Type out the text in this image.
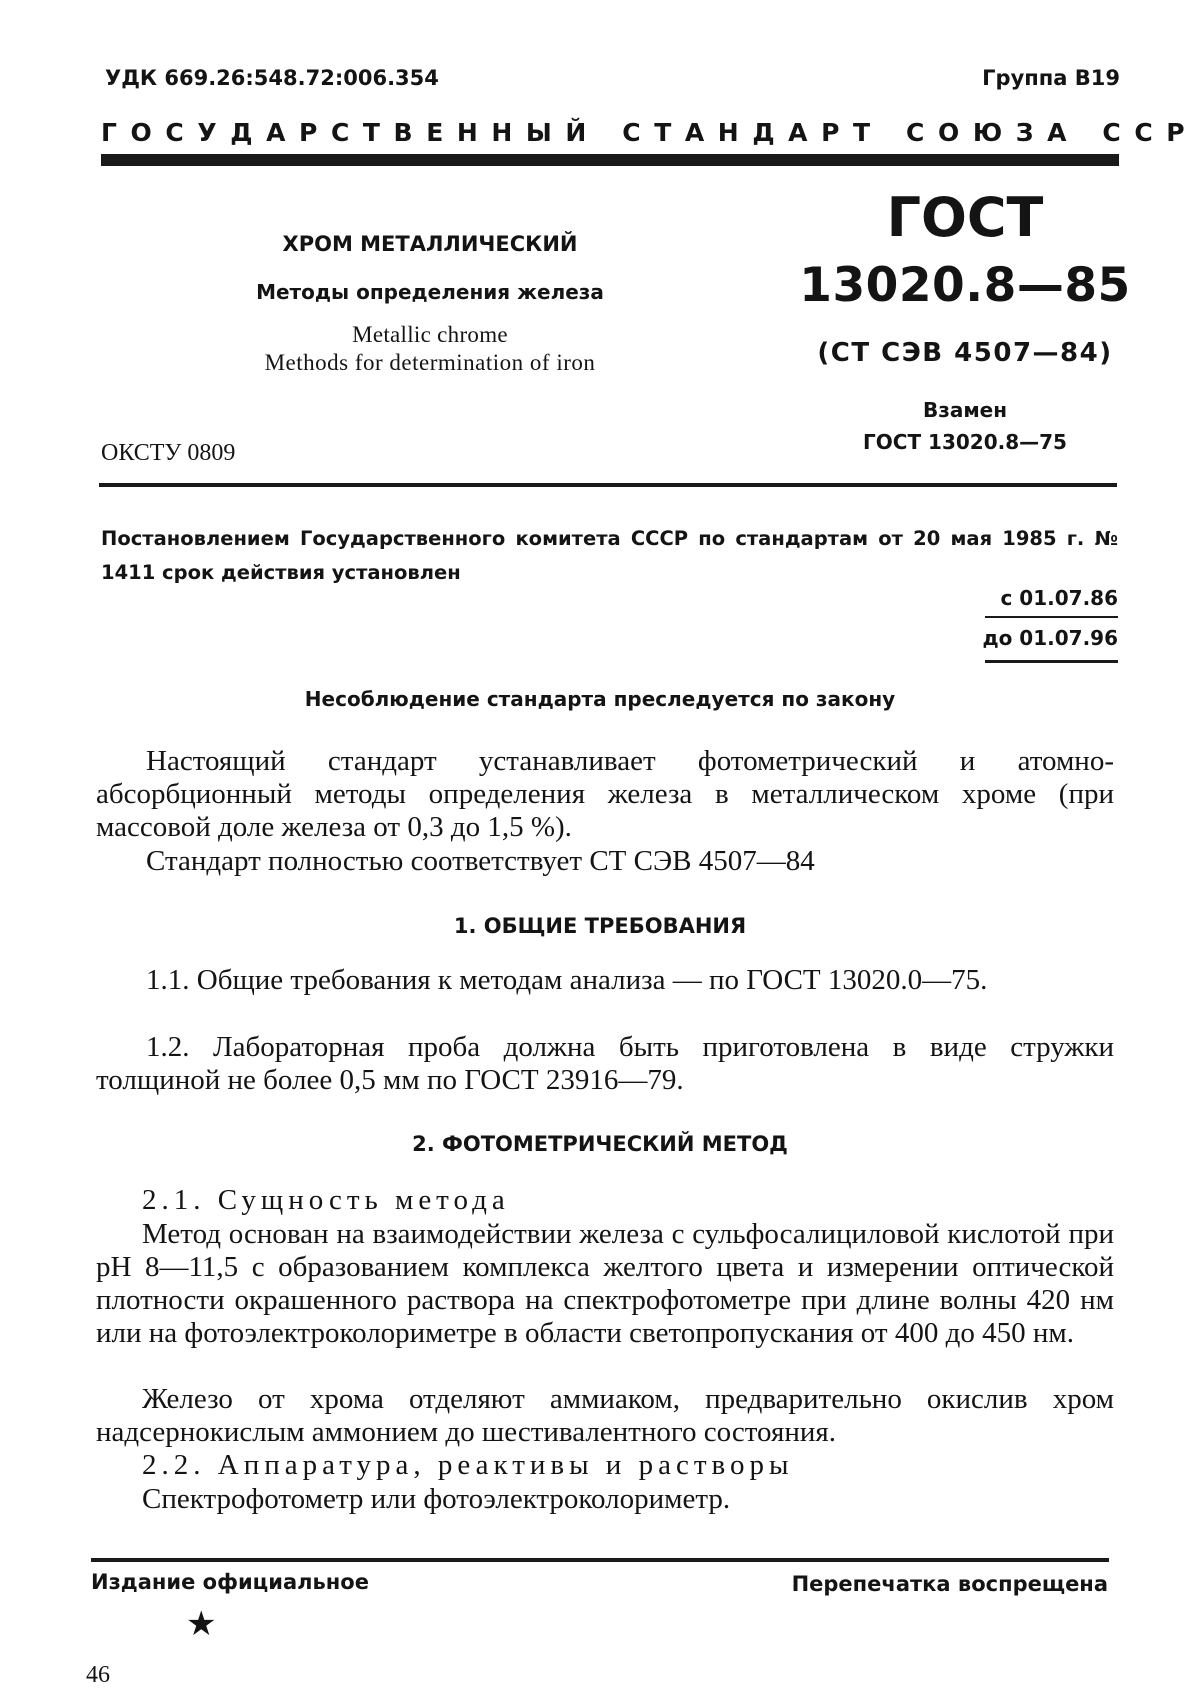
УДК 669.26:548.72:006.354	Группа В19
ГОСУДАРСТВЕННЫЙ СТАНДАРТ СОЮЗА ССР
ХРОМ МЕТАЛЛИЧЕСКИЙ
Методы определения железа
Metallic chrome
Methods for determination of iron
ОКСТУ 0809
ГОСТ
13020.8—85
(СТ СЭВ 4507—84)
Взамен
ГОСТ 13020.8—75
Постановлением Государственного комитета СССР по стандартам от 20 мая 1985 г. № 1411 срок действия установлен
с 01.07.86
до 01.07.96
Несоблюдение стандарта преследуется по закону
Настоящий стандарт устанавливает фотометрический и атомно-абсорбционный методы определения железа в металлическом хроме (при массовой доле железа от 0,3 до 1,5 %).
Стандарт полностью соответствует СТ СЭВ 4507—84
1. ОБЩИЕ ТРЕБОВАНИЯ
1.1. Общие требования к методам анализа — по ГОСТ 13020.0—75.
1.2. Лабораторная проба должна быть приготовлена в виде стружки толщиной не более 0,5 мм по ГОСТ 23916—79.
2. ФОТОМЕТРИЧЕСКИЙ МЕТОД
2.1. Сущность метода
Метод основан на взаимодействии железа с сульфосалициловой кислотой при pH 8—11,5 с образованием комплекса желтого цвета и измерении оптической плотности окрашенного раствора на спектрофотометре при длине волны 420 нм или на фотоэлектроколориметре в области светопропускания от 400 до 450 нм.
Железо от хрома отделяют аммиаком, предварительно окислив хром надсернокислым аммонием до шестивалентного состояния.
2.2. Аппаратура, реактивы и растворы
Спектрофотометр или фотоэлектроколориметр.
Издание официальное	Перепечатка воспрещена
★
46
